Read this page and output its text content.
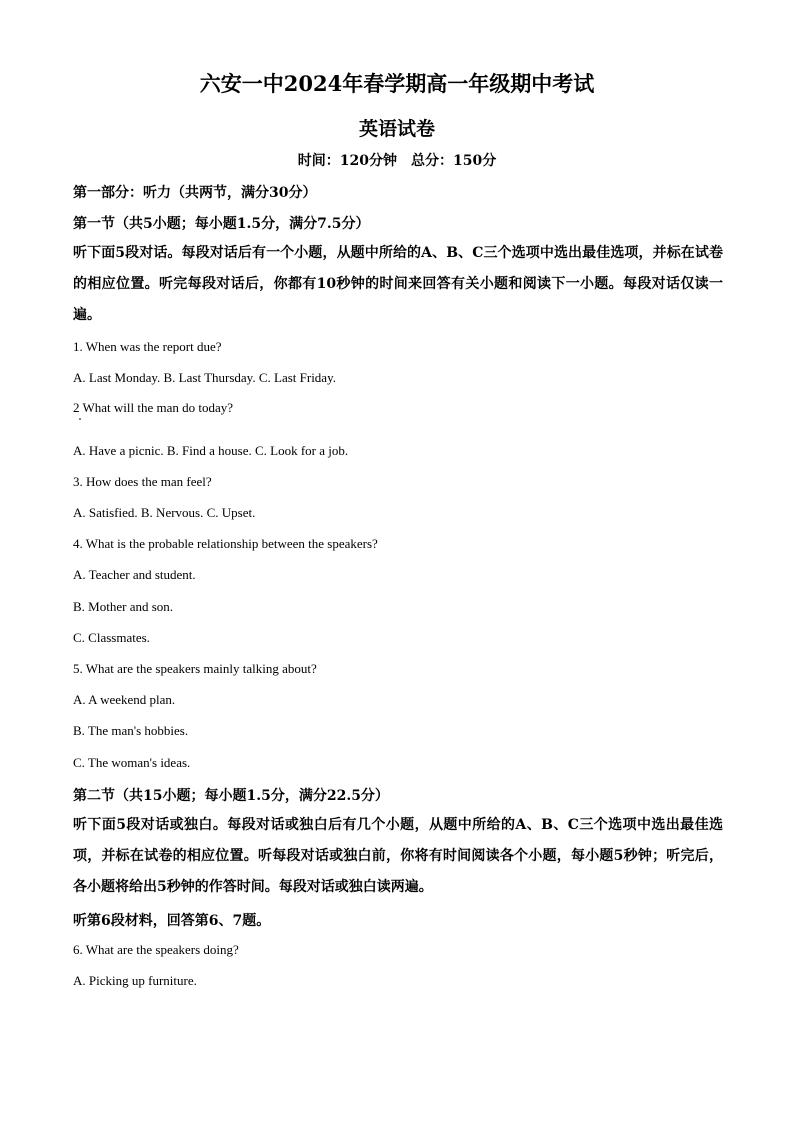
六安一中2024年春学期高一年级期中考试
英语试卷
时间：120分钟　总分：150分
第一部分：听力（共两节，满分30分）
第一节（共5小题；每小题1.5分，满分7.5分）
听下面5段对话。每段对话后有一个小题，从题中所给的A、B、C三个选项中选出最佳选项，并标在试卷的相应位置。听完每段对话后，你都有10秒钟的时间来回答有关小题和阅读下一小题。每段对话仅读一遍。
1. When was the report due?
A. Last Monday. B. Last Thursday. C. Last Friday.
2 What will the man do today?
A. Have a picnic. B. Find a house. C. Look for a job.
3. How does the man feel?
A. Satisfied. B. Nervous. C. Upset.
4. What is the probable relationship between the speakers?
A. Teacher and student.
B. Mother and son.
C. Classmates.
5. What are the speakers mainly talking about?
A. A weekend plan.
B. The man's hobbies.
C. The woman's ideas.
第二节（共15小题；每小题1.5分，满分22.5分）
听下面5段对话或独白。每段对话或独白后有几个小题，从题中所给的A、B、C三个选项中选出最佳选项，并标在试卷的相应位置。听每段对话或独白前，你将有时间阅读各个小题，每小题5秒钟；听完后，各小题将给出5秒钟的作答时间。每段对话或独白读两遍。
听第6段材料，回答第6、7题。
6. What are the speakers doing?
A. Picking up furniture.
